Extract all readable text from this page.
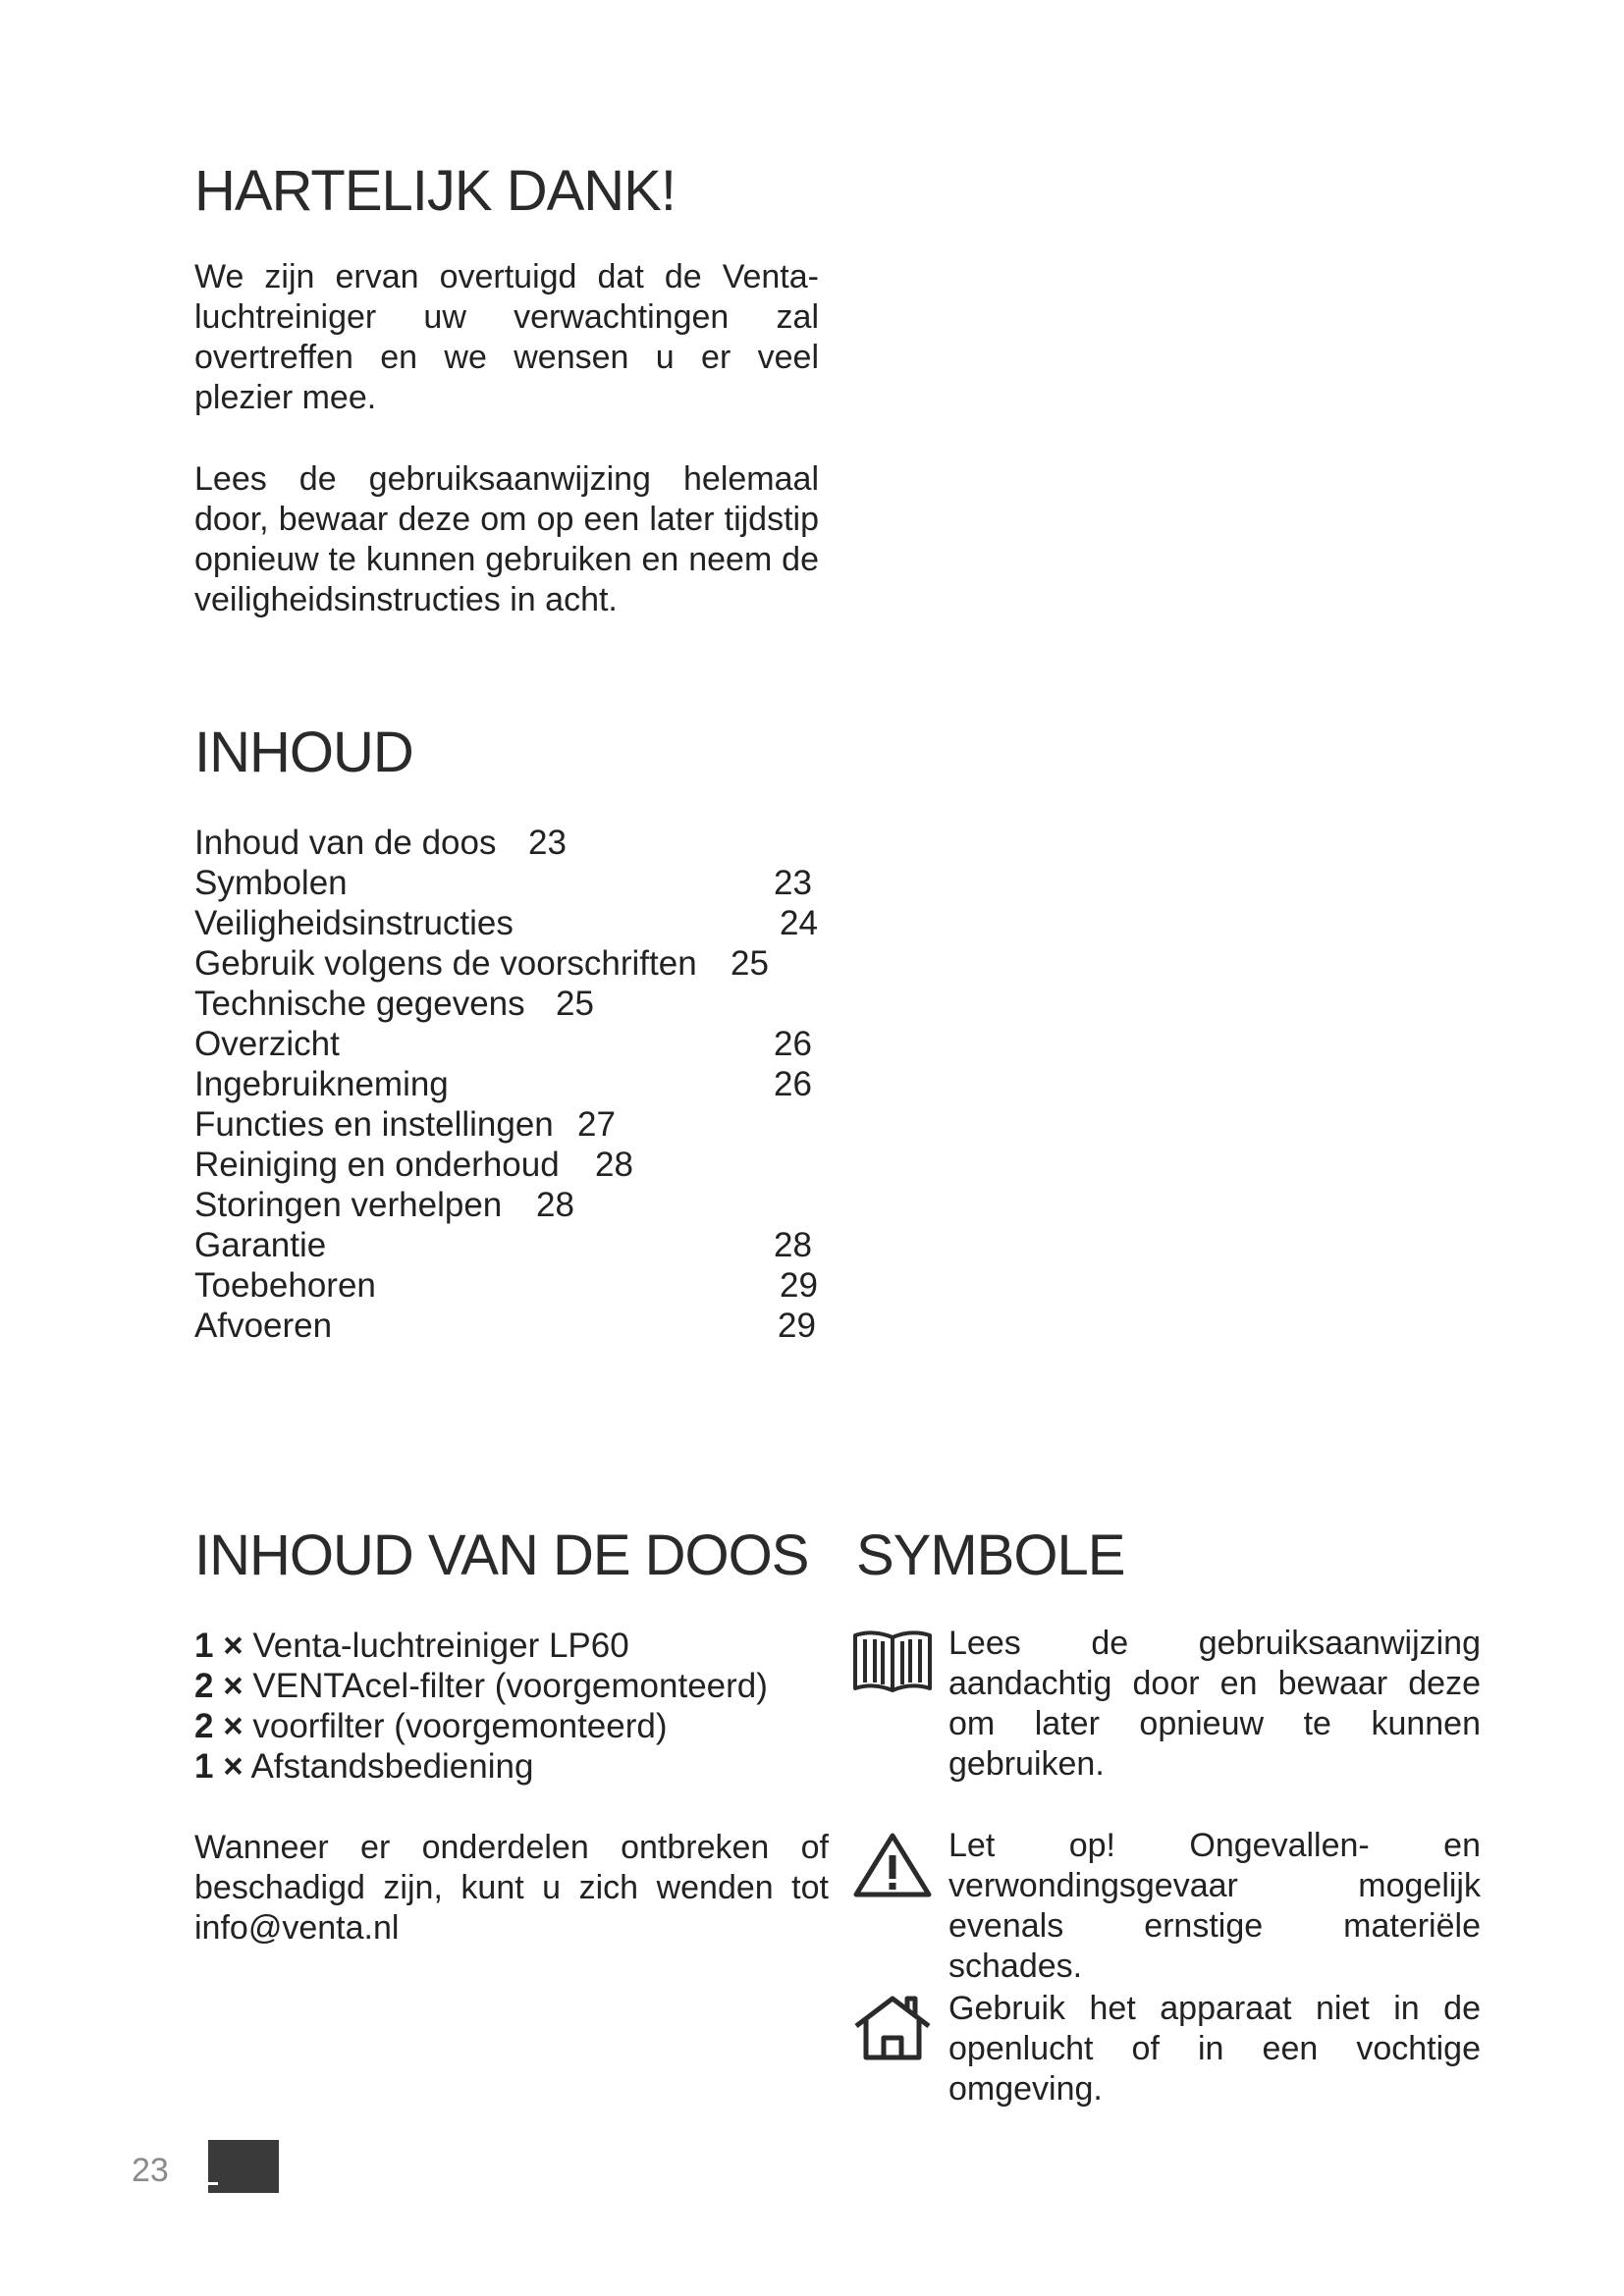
HARTELIJK DANK!

We zijn ervan overtuigd dat de Venta-luchtreiniger uw verwachtingen zal overtreffen en we wensen u er veel plezier mee.

Lees de gebruiksaanwijzing helemaal door, bewaar deze om op een later tijdstip opnieuw te kunnen gebruiken en neem de veiligheidsinstructies in acht.

INHOUD
Inhoud van de doos 23
Symbolen	23
Veiligheidsinstructies	24
Gebruik volgens de voorschriften 25
Technische gegevens 25
Overzicht	26
Ingebruikneming	26
Functies en instellingen 27
Reiniging en onderhoud 28
Storingen verhelpen 28
Garantie	28
Toebehoren	29
Afvoeren	29
INHOUD VAN DE DOOS
1 × Venta-luchtreiniger LP60
2 × VENTAcel-filter (voorgemonteerd)
2 × voorfilter (voorgemonteerd)
1 × Afstandsbediening

Wanneer er onderdelen ontbreken of beschadigd zijn, kunt u zich wenden tot info@venta.nl

SYMBOLE
Lees de gebruiksaanwijzing aandachtig door en bewaar deze om later opnieuw te kunnen gebruiken.
Let op! Ongevallen- en verwondingsgevaar mogelijk evenals ernstige materiële schades.
Gebruik het apparaat niet in de openlucht of in een vochtige omgeving.
23
